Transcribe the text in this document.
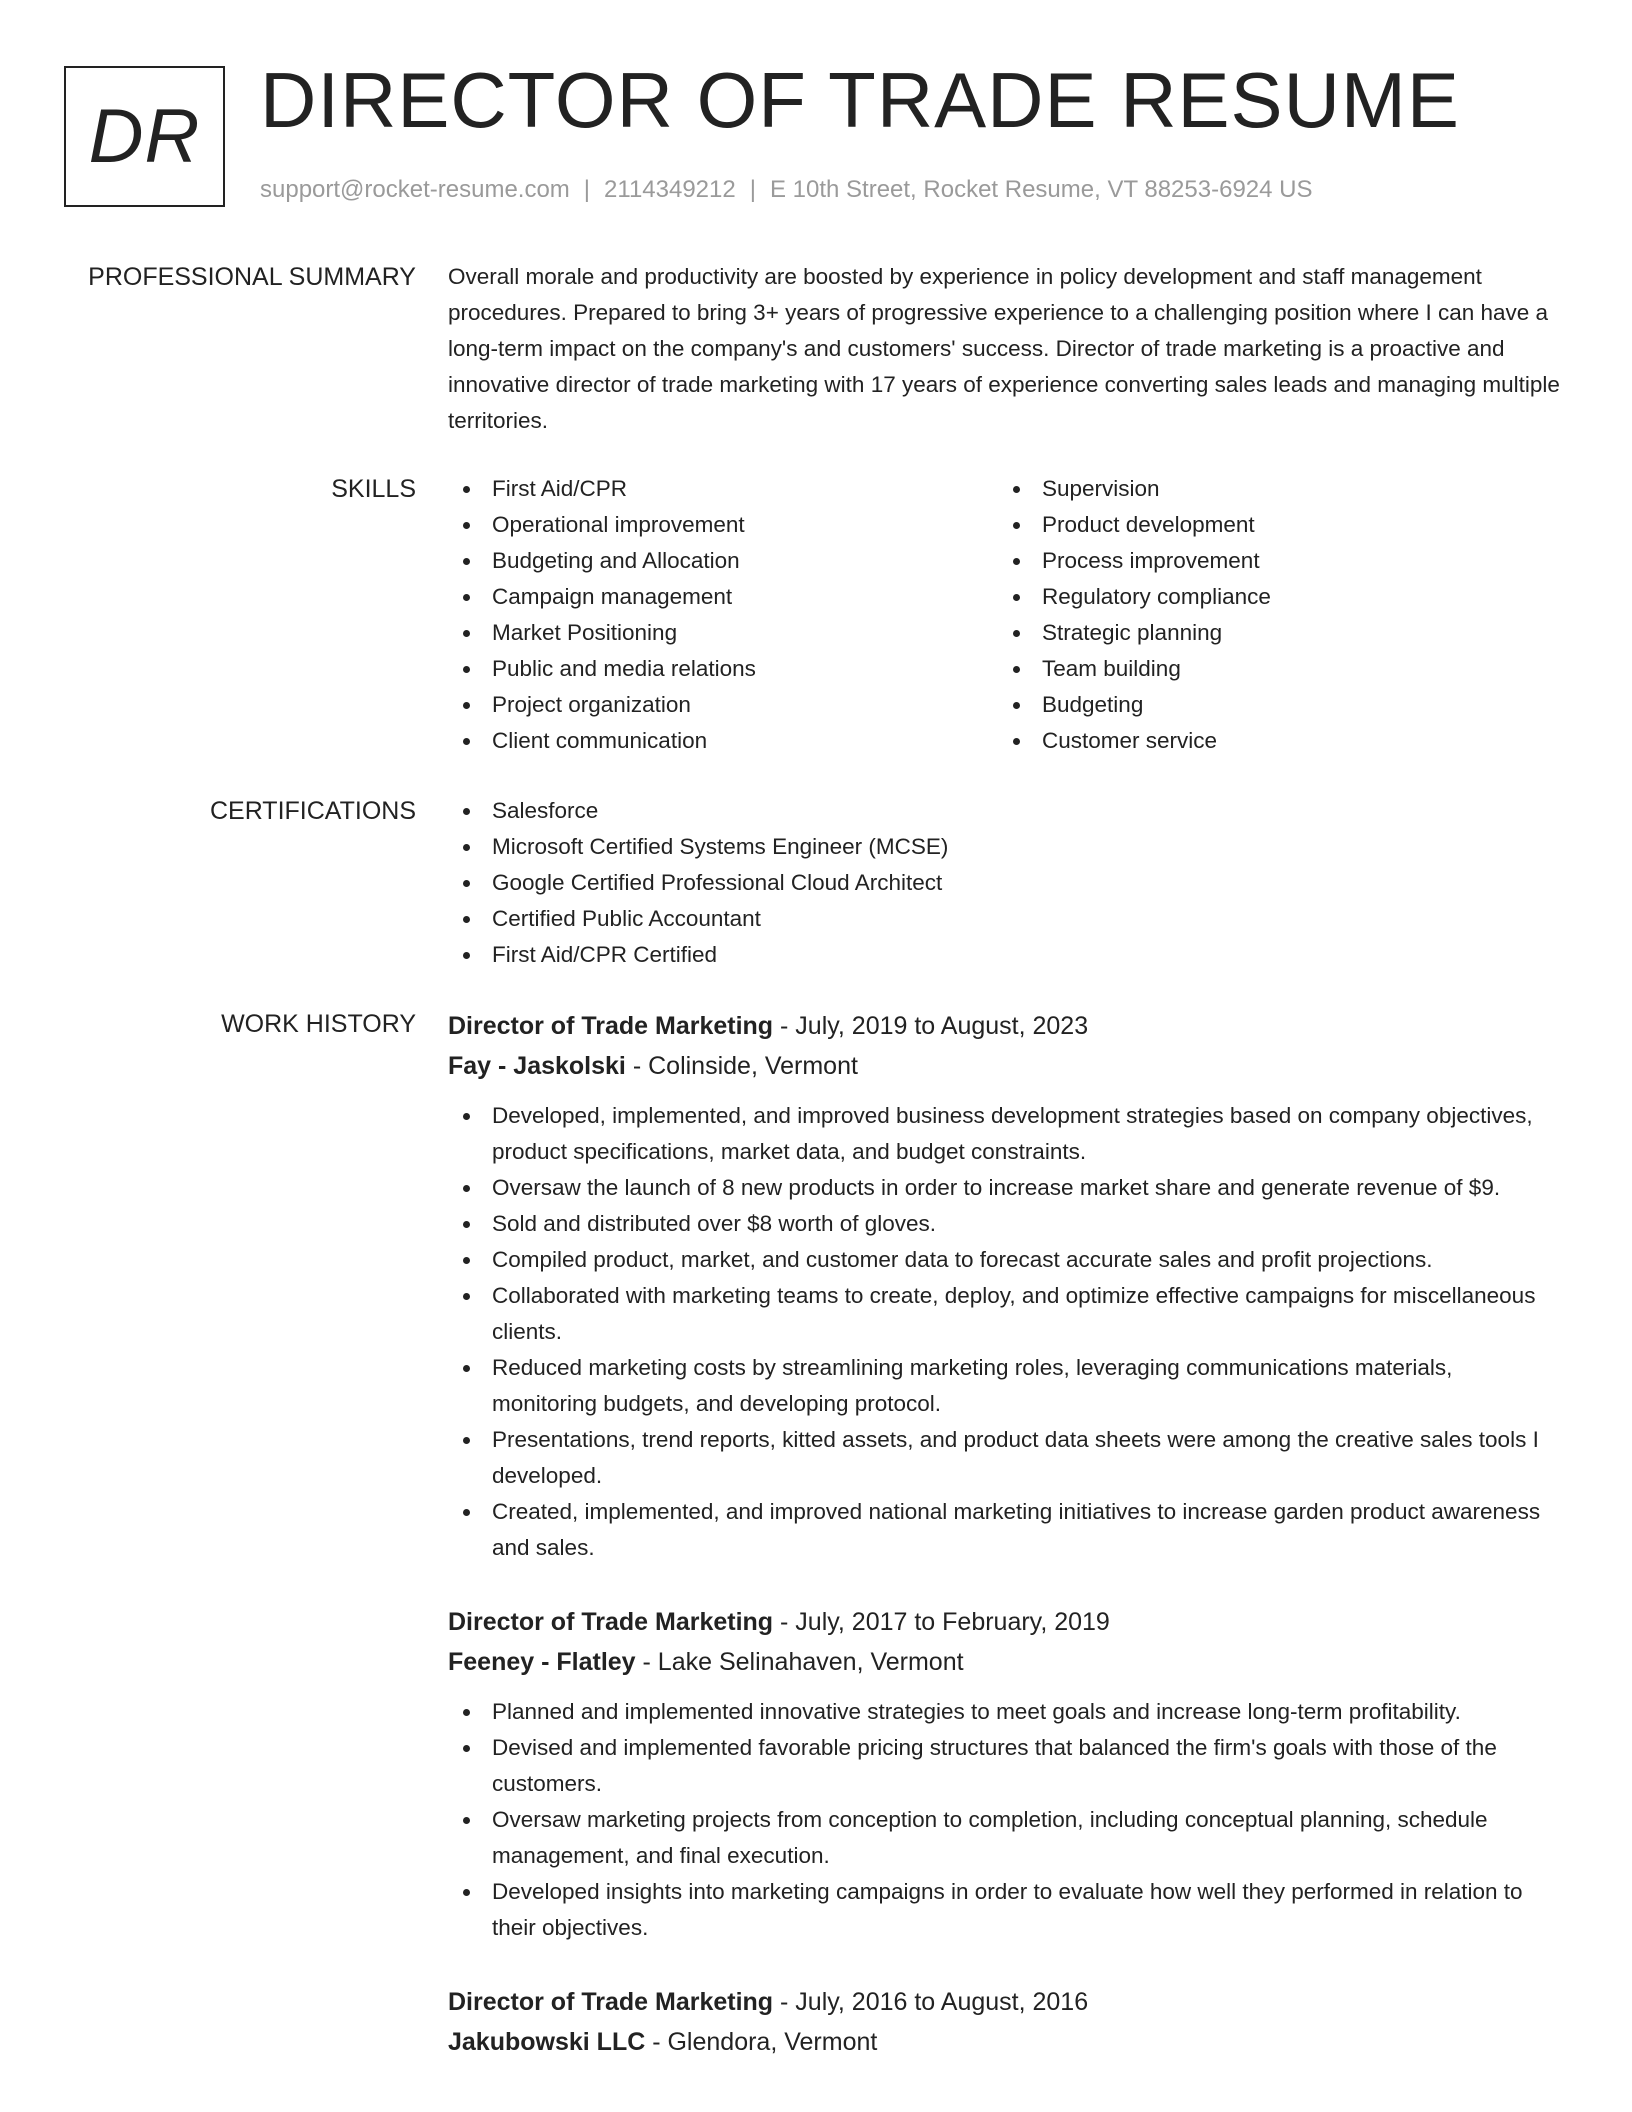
DR DIRECTOR OF TRADE RESUME
support@rocket-resume.com | 2114349212 | E 10th Street, Rocket Resume, VT 88253-6924 US
PROFESSIONAL SUMMARY Overall morale and productivity are boosted by experience in policy development and staff management procedures. Prepared to bring 3+ years of progressive experience to a challenging position where I can have a long-term impact on the company's and customers' success. Director of trade marketing is a proactive and innovative director of trade marketing with 17 years of experience converting sales leads and managing multiple territories.

SKILLS	First Aid/CPR
Operational improvement
Budgeting and Allocation
Campaign management
Market Positioning
Public and media relations
Project organization
Client communication
Supervision
Product development
Process improvement
Regulatory compliance
Strategic planning
Team building
Budgeting
Customer service
CERTIFICATIONS	Salesforce
Microsoft Certified Systems Engineer (MCSE)
Google Certified Professional Cloud Architect
Certified Public Accountant
First Aid/CPR Certified
WORK HISTORY Director of Trade Marketing - July, 2019 to August, 2023

Fay - Jaskolski - Colinside, Vermont

Developed, implemented, and improved business development strategies based on company objectives, product specifications, market data, and budget constraints.
Oversaw the launch of 8 new products in order to increase market share and generate revenue of $9.
Sold and distributed over $8 worth of gloves.
Compiled product, market, and customer data to forecast accurate sales and profit projections.
Collaborated with marketing teams to create, deploy, and optimize effective campaigns for miscellaneous clients.
Reduced marketing costs by streamlining marketing roles, leveraging communications materials, monitoring budgets, and developing protocol.
Presentations, trend reports, kitted assets, and product data sheets were among the creative sales tools I developed.
Created, implemented, and improved national marketing initiatives to increase garden product awareness and sales.

Director of Trade Marketing - July, 2017 to February, 2019

Feeney - Flatley - Lake Selinahaven, Vermont

Planned and implemented innovative strategies to meet goals and increase long-term profitability.
Devised and implemented favorable pricing structures that balanced the firm's goals with those of the customers.
Oversaw marketing projects from conception to completion, including conceptual planning, schedule management, and final execution.
Developed insights into marketing campaigns in order to evaluate how well they performed in relation to their objectives.

Director of Trade Marketing - July, 2016 to August, 2016

Jakubowski LLC - Glendora, Vermont
